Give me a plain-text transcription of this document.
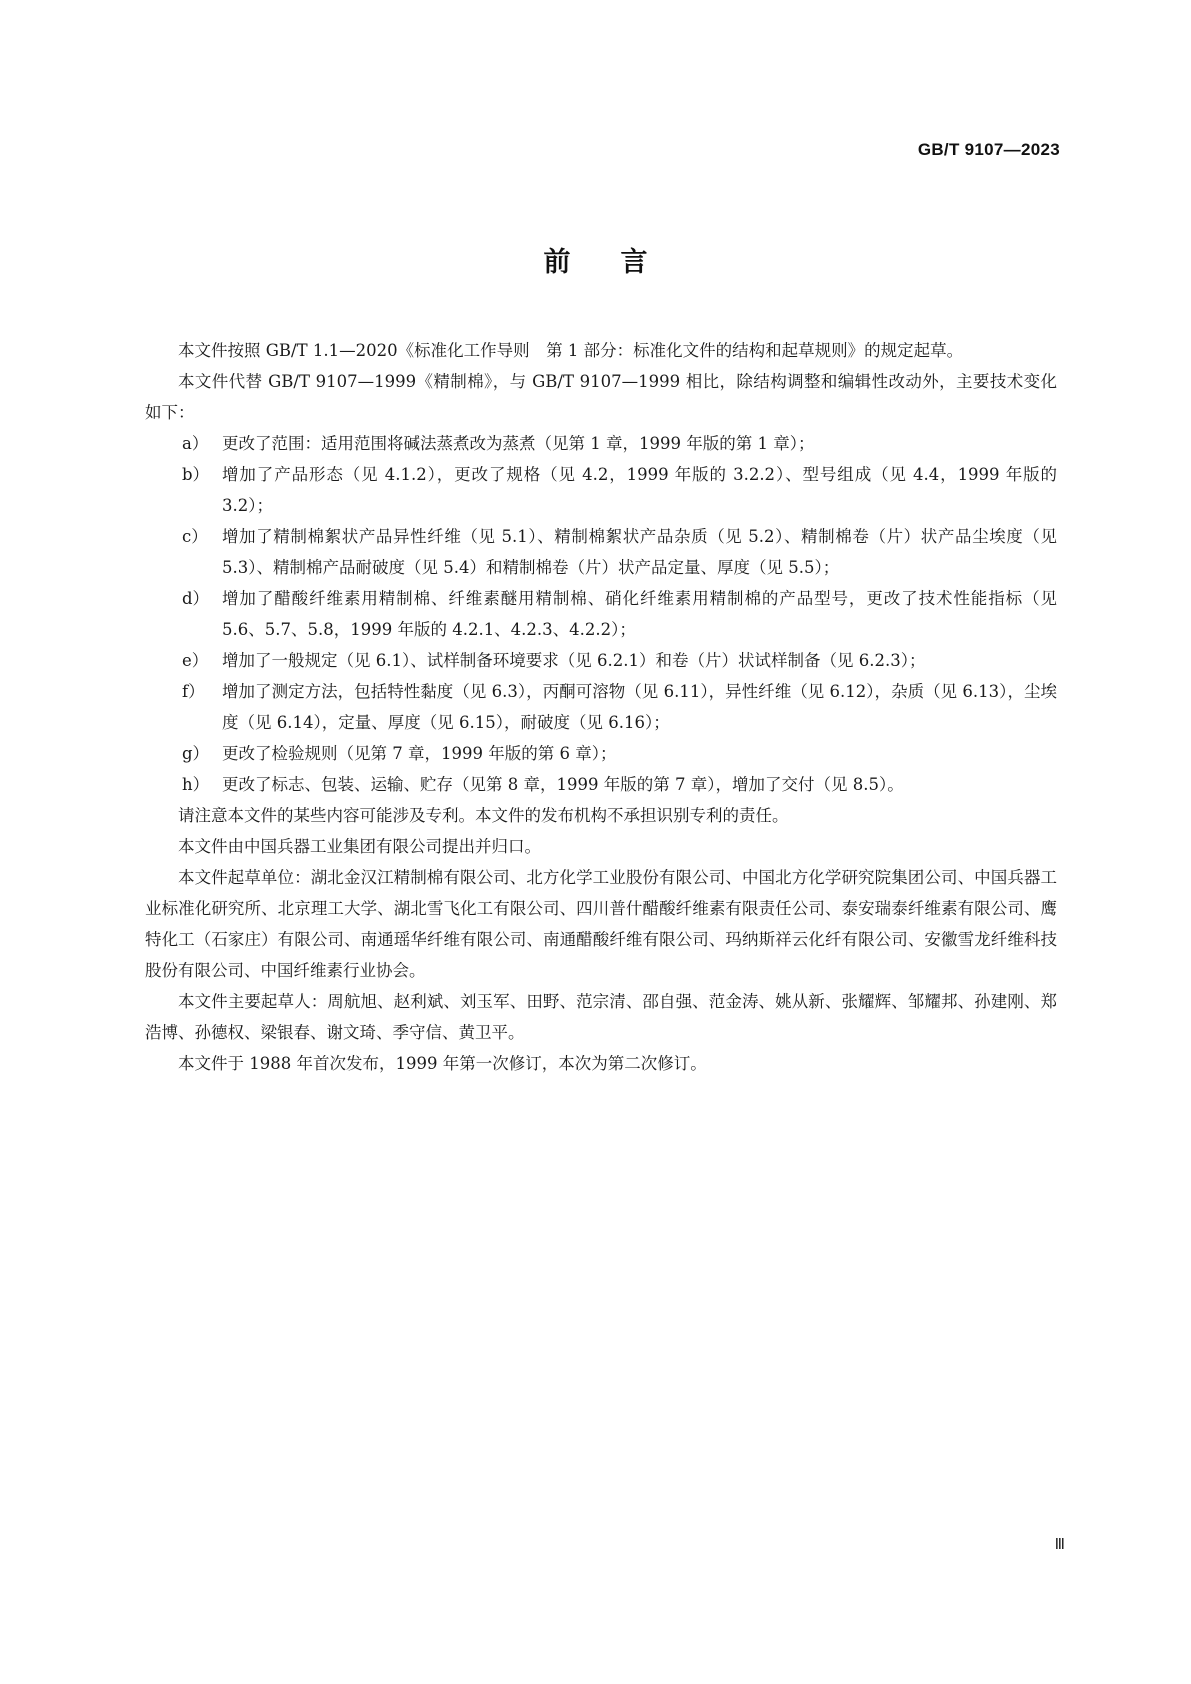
GB/T 9107—2023
前言

本文件按照 GB/T 1.1—2020《标准化工作导则　第 1 部分：标准化文件的结构和起草规则》的规定起草。

本文件代替 GB/T 9107—1999《精制棉》，与 GB/T 9107—1999 相比，除结构调整和编辑性改动外，主要技术变化如下：

a） 更改了范围：适用范围将碱法蒸煮改为蒸煮（见第 1 章，1999 年版的第 1 章）；
b） 增加了产品形态（见 4.1.2），更改了规格（见 4.2，1999 年版的 3.2.2）、型号组成（见 4.4，1999 年版的 3.2）；
c） 增加了精制棉絮状产品异性纤维（见 5.1）、精制棉絮状产品杂质（见 5.2）、精制棉卷（片）状产品尘埃度（见 5.3）、精制棉产品耐破度（见 5.4）和精制棉卷（片）状产品定量、厚度（见 5.5）；
d） 增加了醋酸纤维素用精制棉、纤维素醚用精制棉、硝化纤维素用精制棉的产品型号，更改了技术性能指标（见 5.6、5.7、5.8，1999 年版的 4.2.1、4.2.3、4.2.2）；
e） 增加了一般规定（见 6.1）、试样制备环境要求（见 6.2.1）和卷（片）状试样制备（见 6.2.3）；
f）	增加了测定方法，包括特性黏度（见 6.3），丙酮可溶物（见 6.11），异性纤维（见 6.12），杂质（见 6.13），尘埃度（见 6.14），定量、厚度（见 6.15），耐破度（见 6.16）；
g） 更改了检验规则（见第 7 章，1999 年版的第 6 章）；
h） 更改了标志、包装、运输、贮存（见第 8 章，1999 年版的第 7 章），增加了交付（见 8.5）。

请注意本文件的某些内容可能涉及专利。本文件的发布机构不承担识别专利的责任。

本文件由中国兵器工业集团有限公司提出并归口。

本文件起草单位：湖北金汉江精制棉有限公司、北方化学工业股份有限公司、中国北方化学研究院集团公司、中国兵器工业标准化研究所、北京理工大学、湖北雪飞化工有限公司、四川普什醋酸纤维素有限责任公司、泰安瑞泰纤维素有限公司、鹰特化工（石家庄）有限公司、南通瑶华纤维有限公司、南通醋酸纤维有限公司、玛纳斯祥云化纤有限公司、安徽雪龙纤维科技股份有限公司、中国纤维素行业协会。

本文件主要起草人：周航旭、赵利斌、刘玉军、田野、范宗清、邵自强、范金涛、姚从新、张耀辉、邹耀邦、孙建刚、郑浩博、孙德权、梁银春、谢文琦、季守信、黄卫平。

本文件于 1988 年首次发布，1999 年第一次修订，本次为第二次修订。

Ⅲ
